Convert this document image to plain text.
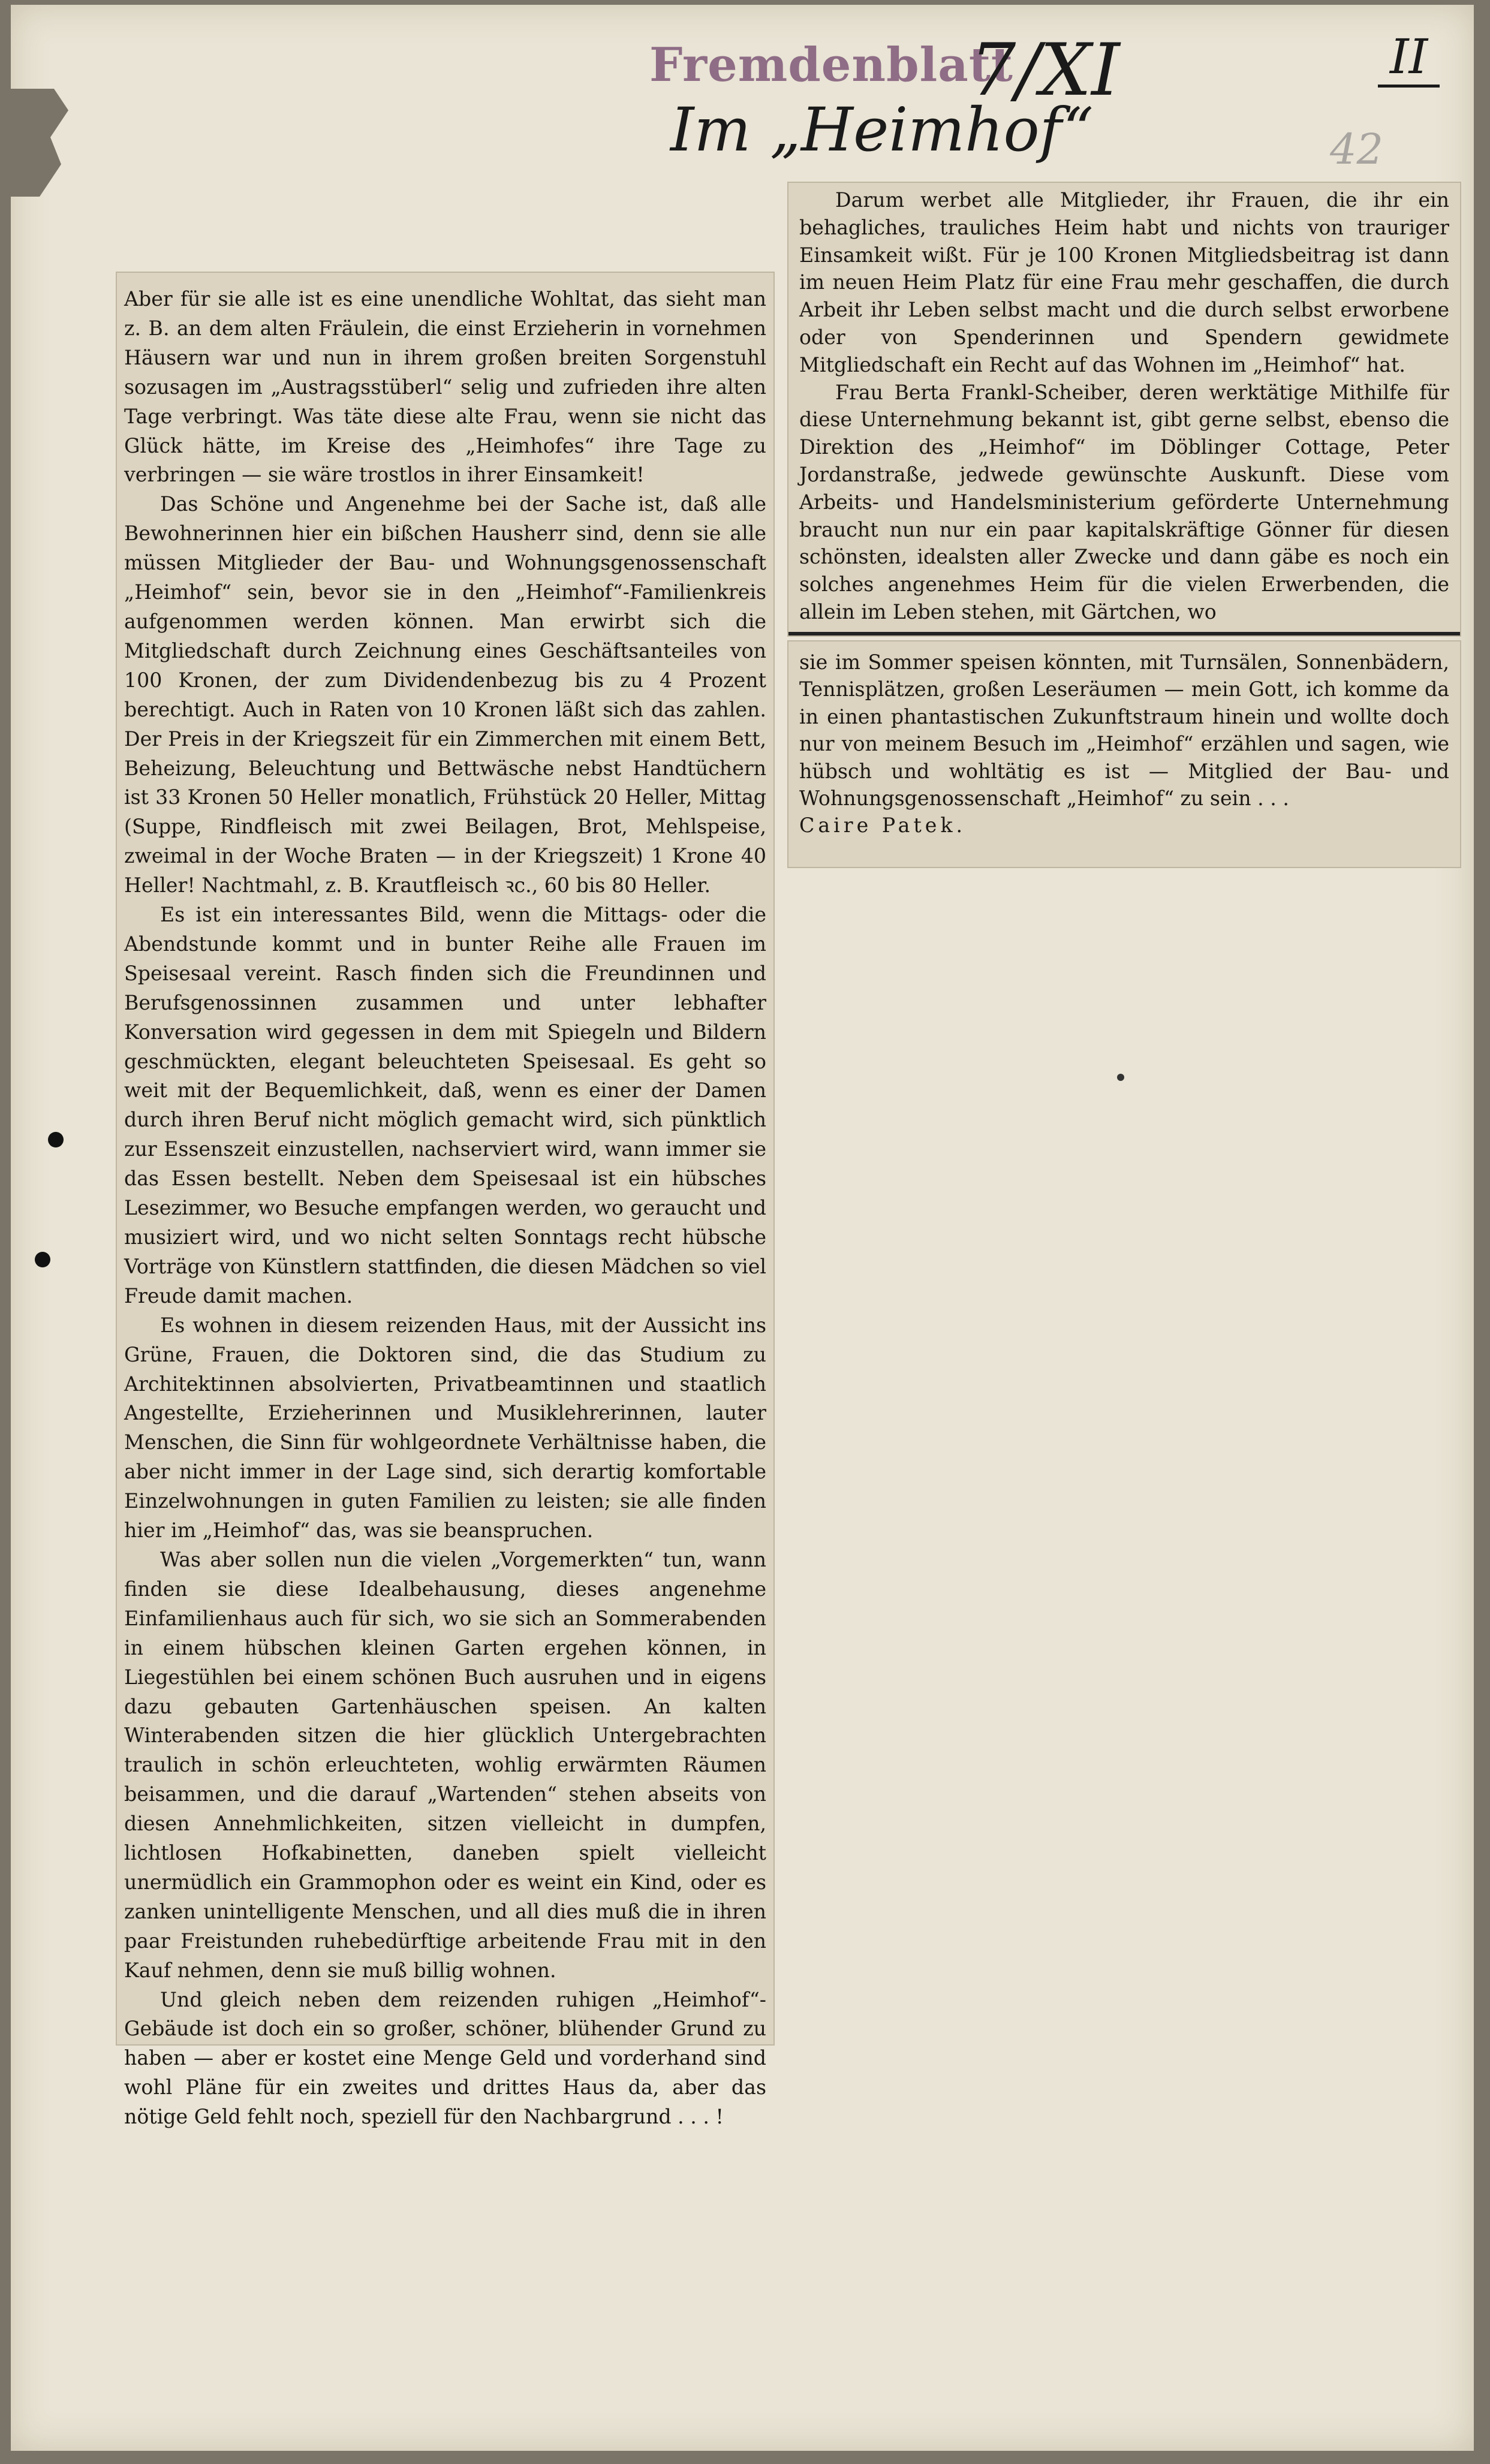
Fremdenblatt
7/XI
Im „Heimhof“
II
42

Aber für sie alle ist es eine unendliche Wohltat, das sieht man z. B. an dem alten Fräulein, die einst Erzieherin in vornehmen Häusern war und nun in ihrem großen breiten Sorgenstuhl sozusagen im „Austragsstüberl“ selig und zufrieden ihre alten Tage verbringt. Was täte diese alte Frau, wenn sie nicht das Glück hätte, im Kreise des „Heimhofes“ ihre Tage zu verbringen — sie wäre trostlos in ihrer Einsamkeit!

Das Schöne und Angenehme bei der Sache ist, daß alle Bewohnerinnen hier ein bißchen Hausherr sind, denn sie alle müssen Mitglieder der Bau- und Wohnungsgenossenschaft „Heimhof“ sein, bevor sie in den „Heimhof“-Familienkreis aufgenommen werden können. Man erwirbt sich die Mitgliedschaft durch Zeichnung eines Geschäftsanteiles von 100 Kronen, der zum Dividendenbezug bis zu 4 Prozent berechtigt. Auch in Raten von 10 Kronen läßt sich das zahlen. Der Preis in der Kriegszeit für ein Zimmerchen mit einem Bett, Beheizung, Beleuchtung und Bettwäsche nebst Handtüchern ist 33 Kronen 50 Heller monatlich, Frühstück 20 Heller, Mittag (Suppe, Rindfleisch mit zwei Beilagen, Brot, Mehlspeise, zweimal in der Woche Braten — in der Kriegszeit) 1 Krone 40 Heller! Nachtmahl, z. B. Krautfleisch ꝛc., 60 bis 80 Heller.

Es ist ein interessantes Bild, wenn die Mittags- oder die Abendstunde kommt und in bunter Reihe alle Frauen im Speisesaal vereint. Rasch finden sich die Freundinnen und Berufsgenossinnen zusammen und unter lebhafter Konversation wird gegessen in dem mit Spiegeln und Bildern geschmückten, elegant beleuchteten Speisesaal. Es geht so weit mit der Bequemlichkeit, daß, wenn es einer der Damen durch ihren Beruf nicht möglich gemacht wird, sich pünktlich zur Essenszeit einzustellen, nachserviert wird, wann immer sie das Essen bestellt. Neben dem Speisesaal ist ein hübsches Lesezimmer, wo Besuche empfangen werden, wo geraucht und musiziert wird, und wo nicht selten Sonntags recht hübsche Vorträge von Künstlern stattfinden, die diesen Mädchen so viel Freude damit machen.

Es wohnen in diesem reizenden Haus, mit der Aussicht ins Grüne, Frauen, die Doktoren sind, die das Studium zu Architektinnen absolvierten, Privatbeamtinnen und staatlich Angestellte, Erzieherinnen und Musiklehrerinnen, lauter Menschen, die Sinn für wohlgeordnete Verhältnisse haben, die aber nicht immer in der Lage sind, sich derartig komfortable Einzelwohnungen in guten Familien zu leisten; sie alle finden hier im „Heimhof“ das, was sie beanspruchen.

Was aber sollen nun die vielen „Vorgemerkten“ tun, wann finden sie diese Idealbehausung, dieses angenehme Einfamilienhaus auch für sich, wo sie sich an Sommerabenden in einem hübschen kleinen Garten ergehen können, in Liegestühlen bei einem schönen Buch ausruhen und in eigens dazu gebauten Gartenhäuschen speisen. An kalten Winterabenden sitzen die hier glücklich Untergebrachten traulich in schön erleuchteten, wohlig erwärmten Räumen beisammen, und die darauf „Wartenden“ stehen abseits von diesen Annehmlichkeiten, sitzen vielleicht in dumpfen, lichtlosen Hofkabinetten, daneben spielt vielleicht unermüdlich ein Grammophon oder es weint ein Kind, oder es zanken unintelligente Menschen, und all dies muß die in ihren paar Freistunden ruhebedürftige arbeitende Frau mit in den Kauf nehmen, denn sie muß billig wohnen.

Und gleich neben dem reizenden ruhigen „Heimhof“-Gebäude ist doch ein so großer, schöner, blühender Grund zu haben — aber er kostet eine Menge Geld und vorderhand sind wohl Pläne für ein zweites und drittes Haus da, aber das nötige Geld fehlt noch, speziell für den Nachbargrund . . . !

Darum werbet alle Mitglieder, ihr Frauen, die ihr ein behagliches, trauliches Heim habt und nichts von trauriger Einsamkeit wißt. Für je 100 Kronen Mitgliedsbeitrag ist dann im neuen Heim Platz für eine Frau mehr geschaffen, die durch Arbeit ihr Leben selbst macht und die durch selbst erworbene oder von Spenderinnen und Spendern gewidmete Mitgliedschaft ein Recht auf das Wohnen im „Heimhof“ hat.

Frau Berta Frankl-Scheiber, deren werktätige Mithilfe für diese Unternehmung bekannt ist, gibt gerne selbst, ebenso die Direktion des „Heimhof“ im Döblinger Cottage, Peter Jordanstraße, jedwede gewünschte Auskunft. Diese vom Arbeits- und Handelsministerium geförderte Unternehmung braucht nun nur ein paar kapitalskräftige Gönner für diesen schönsten, idealsten aller Zwecke und dann gäbe es noch ein solches angenehmes Heim für die vielen Erwerbenden, die allein im Leben stehen, mit Gärtchen, wo

sie im Sommer speisen könnten, mit Turnsälen, Sonnenbädern, Tennisplätzen, großen Leseräumen — mein Gott, ich komme da in einen phantastischen Zukunftstraum hinein und wollte doch nur von meinem Besuch im „Heimhof“ erzählen und sagen, wie hübsch und wohltätig es ist — Mitglied der Bau- und Wohnungsgenossenschaft „Heimhof“ zu sein . . .

Caire Patek.
